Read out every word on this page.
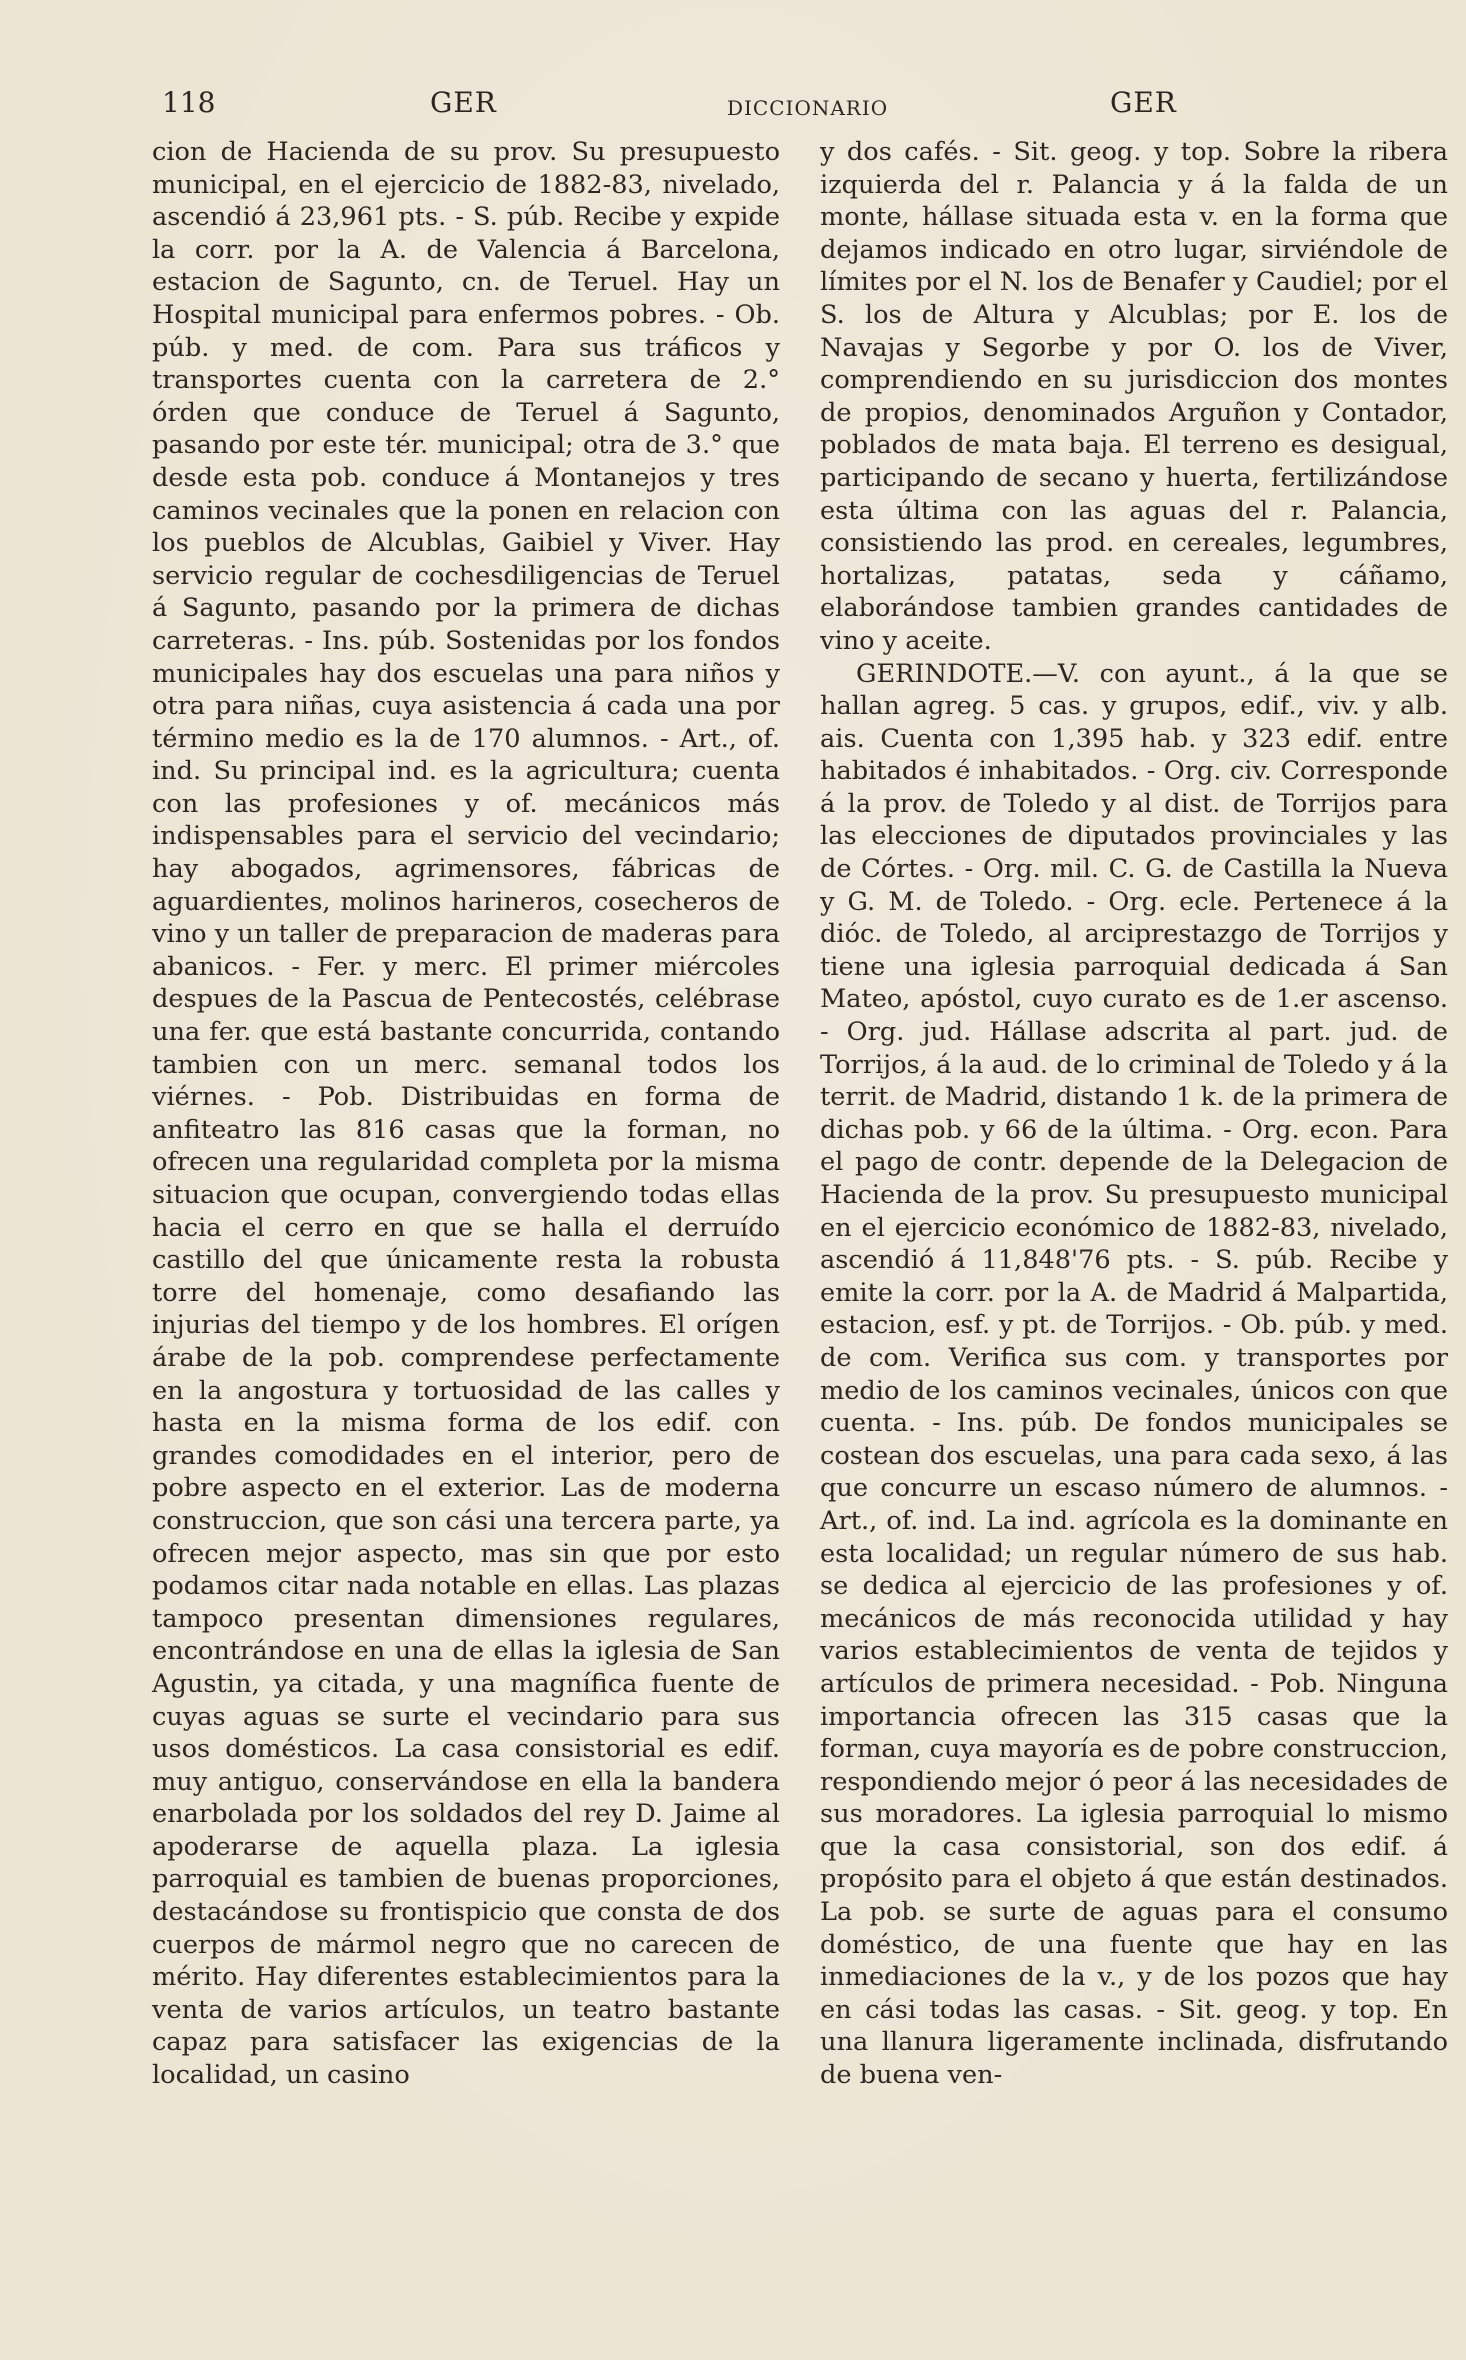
118	GER	DICCIONARIO	GER

cion de Hacienda de su prov. Su presupuesto municipal, en el ejercicio de 1882-83, nivelado, ascendió á 23,961 pts. - S. púb. Recibe y expide la corr. por la A. de Valencia á Barcelona, estacion de Sagunto, cn. de Teruel. Hay un Hospital municipal para enfermos pobres. - Ob. púb. y med. de com. Para sus tráficos y transportes cuenta con la carretera de 2.° órden que conduce de Teruel á Sagunto, pasando por este tér. municipal; otra de 3.° que desde esta pob. conduce á Montanejos y tres caminos vecinales que la ponen en relacion con los pueblos de Alcublas, Gaibiel y Viver. Hay servicio regular de cochesdiligencias de Teruel á Sagunto, pasando por la primera de dichas carreteras. - Ins. púb. Sostenidas por los fondos municipales hay dos escuelas una para niños y otra para niñas, cuya asistencia á cada una por término medio es la de 170 alumnos. - Art., of. ind. Su principal ind. es la agricultura; cuenta con las profesiones y of. mecánicos más indispensables para el servicio del vecindario; hay abogados, agrimensores, fábricas de aguardientes, molinos harineros, cosecheros de vino y un taller de preparacion de maderas para abanicos. - Fer. y merc. El primer miércoles despues de la Pascua de Pentecostés, celébrase una fer. que está bastante concurrida, contando tambien con un merc. semanal todos los viérnes. - Pob. Distribuidas en forma de anfiteatro las 816 casas que la forman, no ofrecen una regularidad completa por la misma situacion que ocupan, convergiendo todas ellas hacia el cerro en que se halla el derruído castillo del que únicamente resta la robusta torre del homenaje, como desafiando las injurias del tiempo y de los hombres. El orígen árabe de la pob. comprendese perfectamente en la angostura y tortuosidad de las calles y hasta en la misma forma de los edif. con grandes comodidades en el interior, pero de pobre aspecto en el exterior. Las de moderna construccion, que son cási una tercera parte, ya ofrecen mejor aspecto, mas sin que por esto podamos citar nada notable en ellas. Las plazas tampoco presentan dimensiones regulares, encontrándose en una de ellas la iglesia de San Agustin, ya citada, y una magnífica fuente de cuyas aguas se surte el vecindario para sus usos domésticos. La casa consistorial es edif. muy antiguo, conservándose en ella la bandera enarbolada por los soldados del rey D. Jaime al apoderarse de aquella plaza. La iglesia parroquial es tambien de buenas proporciones, destacándose su frontispicio que consta de dos cuerpos de mármol negro que no carecen de mérito. Hay diferentes establecimientos para la venta de varios artículos, un teatro bastante capaz para satisfacer las exigencias de la localidad, un casino

y dos cafés. - Sit. geog. y top. Sobre la ribera izquierda del r. Palancia y á la falda de un monte, hállase situada esta v. en la forma que dejamos indicado en otro lugar, sirviéndole de límites por el N. los de Benafer y Caudiel; por el S. los de Altura y Alcublas; por E. los de Navajas y Segorbe y por O. los de Viver, comprendiendo en su jurisdiccion dos montes de propios, denominados Arguñon y Contador, poblados de mata baja. El terreno es desigual, participando de secano y huerta, fertilizándose esta última con las aguas del r. Palancia, consistiendo las prod. en cereales, legumbres, hortalizas, patatas, seda y cáñamo, elaborándose tambien grandes cantidades de vino y aceite.

GERINDOTE.—V. con ayunt., á la que se hallan agreg. 5 cas. y grupos, edif., viv. y alb. ais. Cuenta con 1,395 hab. y 323 edif. entre habitados é inhabitados. - Org. civ. Corresponde á la prov. de Toledo y al dist. de Torrijos para las elecciones de diputados provinciales y las de Córtes. - Org. mil. C. G. de Castilla la Nueva y G. M. de Toledo. - Org. ecle. Pertenece á la dióc. de Toledo, al arciprestazgo de Torrijos y tiene una iglesia parroquial dedicada á San Mateo, apóstol, cuyo curato es de 1.er ascenso. - Org. jud. Hállase adscrita al part. jud. de Torrijos, á la aud. de lo criminal de Toledo y á la territ. de Madrid, distando 1 k. de la primera de dichas pob. y 66 de la última. - Org. econ. Para el pago de contr. depende de la Delegacion de Hacienda de la prov. Su presupuesto municipal en el ejercicio económico de 1882-83, nivelado, ascendió á 11,848'76 pts. - S. púb. Recibe y emite la corr. por la A. de Madrid á Malpartida, estacion, esf. y pt. de Torrijos. - Ob. púb. y med. de com. Verifica sus com. y transportes por medio de los caminos vecinales, únicos con que cuenta. - Ins. púb. De fondos municipales se costean dos escuelas, una para cada sexo, á las que concurre un escaso número de alumnos. - Art., of. ind. La ind. agrícola es la dominante en esta localidad; un regular número de sus hab. se dedica al ejercicio de las profesiones y of. mecánicos de más reconocida utilidad y hay varios establecimientos de venta de tejidos y artículos de primera necesidad. - Pob. Ninguna importancia ofrecen las 315 casas que la forman, cuya mayoría es de pobre construccion, respondiendo mejor ó peor á las necesidades de sus moradores. La iglesia parroquial lo mismo que la casa consistorial, son dos edif. á propósito para el objeto á que están destinados. La pob. se surte de aguas para el consumo doméstico, de una fuente que hay en las inmediaciones de la v., y de los pozos que hay en cási todas las casas. - Sit. geog. y top. En una llanura ligeramente inclinada, disfrutando de buena ven-
